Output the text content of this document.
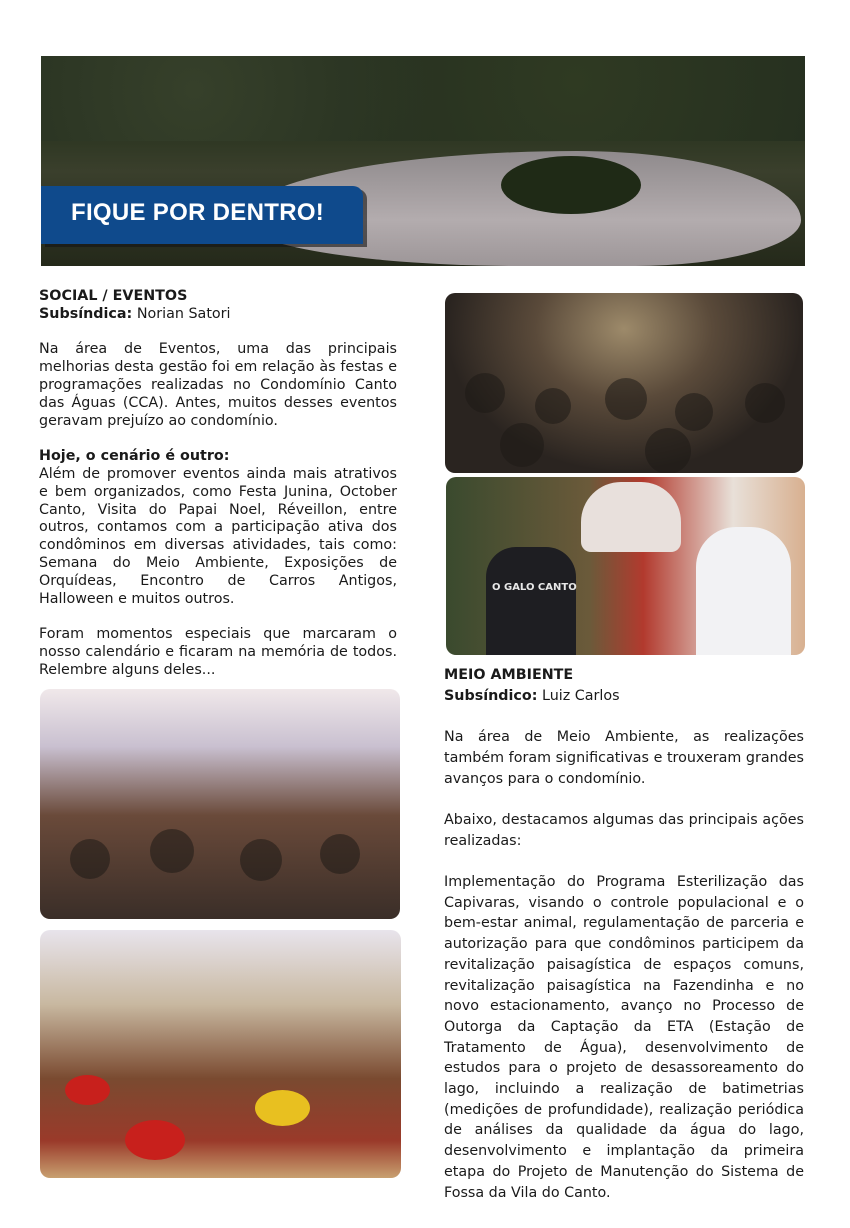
FIQUE POR DENTRO!
SOCIAL / EVENTOS
Subsíndica: Norian Satori

Na área de Eventos, uma das principais melhorias desta gestão foi em relação às festas e programações realizadas no Condomínio Canto das Águas (CCA). Antes, muitos desses eventos geravam prejuízo ao condomínio.

Hoje, o cenário é outro:

Além de promover eventos ainda mais atrativos e bem organizados, como Festa Junina, October Canto, Visita do Papai Noel, Réveillon, entre outros, contamos com a participação ativa dos condôminos em diversas atividades, tais como: Semana do Meio Ambiente, Exposições de Orquídeas, Encontro de Carros Antigos, Halloween e muitos outros.

Foram momentos especiais que marcaram o nosso calendário e ficaram na memória de todos. Relembre alguns deles...

O GALO CANTO
MEIO AMBIENTE
Subsíndico: Luiz Carlos

Na área de Meio Ambiente, as realizações também foram significativas e trouxeram grandes avanços para o condomínio.

Abaixo, destacamos algumas das principais ações realizadas:

Implementação do Programa Esterilização das Capivaras, visando o controle populacional e o bem-estar animal, regulamentação de parceria e autorização para que condôminos participem da revitalização paisagística de espaços comuns, revitalização paisagística na Fazendinha e no novo estacionamento, avanço no Processo de Outorga da Captação da ETA (Estação de Tratamento de Água), desenvolvimento de estudos para o projeto de desassoreamento do lago, incluindo a realização de batimetrias (medições de profundidade), realização periódica de análises da qualidade da água do lago, desenvolvimento e implantação da primeira etapa do Projeto de Manutenção do Sistema de Fossa da Vila do Canto.
